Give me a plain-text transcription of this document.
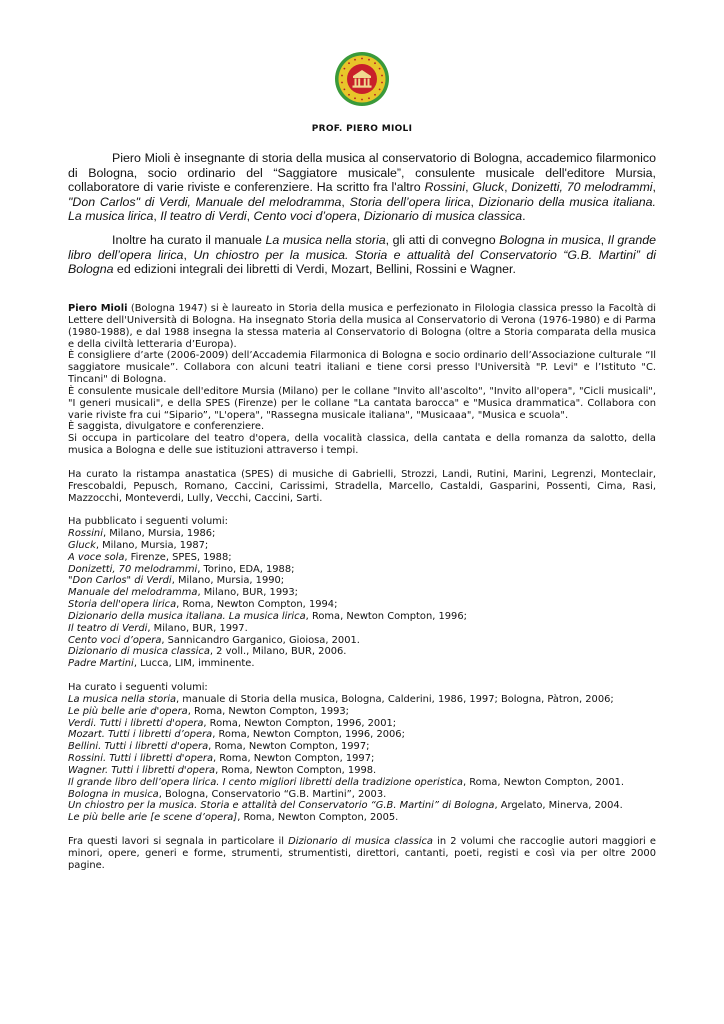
PROF. PIERO MIOLI

Piero Mioli è insegnante di storia della musica al conservatorio di Bologna, accademico filarmonico di Bologna, socio ordinario del “Saggiatore musicale”, consulente musicale dell'editore Mursia, collaboratore di varie riviste e conferenziere. Ha scritto fra l'altro Rossini, Gluck, Donizetti, 70 melodrammi, "Don Carlos" di Verdi, Manuale del melodramma, Storia dell’opera lirica, Dizionario della musica italiana. La musica lirica, Il teatro di Verdi, Cento voci d’opera, Dizionario di musica classica.

Inoltre ha curato il manuale La musica nella storia, gli atti di convegno Bologna in musica, Il grande libro dell’opera lirica, Un chiostro per la musica. Storia e attualità del Conservatorio “G.B. Martini” di Bologna ed edizioni integrali dei libretti di Verdi, Mozart, Bellini, Rossini e Wagner.

Piero Mioli (Bologna 1947) si è laureato in Storia della musica e perfezionato in Filologia classica presso la Facoltà di Lettere dell'Università di Bologna. Ha insegnato Storia della musica al Conservatorio di Verona (1976-1980) e di Parma (1980-1988), e dal 1988 insegna la stessa materia al Conservatorio di Bologna (oltre a Storia comparata della musica e della civiltà letteraria d’Europa).

È consigliere d’arte (2006-2009) dell’Accademia Filarmonica di Bologna e socio ordinario dell’Associazione culturale “Il saggiatore musicale”. Collabora con alcuni teatri italiani e tiene corsi presso l'Università "P. Levi" e l’Istituto "C. Tincani" di Bologna.

È consulente musicale dell'editore Mursia (Milano) per le collane "Invito all'ascolto", "Invito all'opera", "Cicli musicali", "I generi musicali", e della SPES (Firenze) per le collane "La cantata barocca" e "Musica drammatica". Collabora con varie riviste fra cui “Sipario”, "L'opera", "Rassegna musicale italiana", "Musicaaa", "Musica e scuola".

È saggista, divulgatore e conferenziere.

Si occupa in particolare del teatro d'opera, della vocalità classica, della cantata e della romanza da salotto, della musica a Bologna e delle sue istituzioni attraverso i tempi.

Ha curato la ristampa anastatica (SPES) di musiche di Gabrielli, Strozzi, Landi, Rutini, Marini, Legrenzi, Monteclair, Frescobaldi, Pepusch, Romano, Caccini, Carissimi, Stradella, Marcello, Castaldi, Gasparini, Possenti, Cima, Rasi, Mazzocchi, Monteverdi, Lully, Vecchi, Caccini, Sarti.

Ha pubblicato i seguenti volumi:

Rossini, Milano, Mursia, 1986;
Gluck, Milano, Mursia, 1987;
A voce sola, Firenze, SPES, 1988;
Donizetti, 70 melodrammi, Torino, EDA, 1988;
"Don Carlos" di Verdi, Milano, Mursia, 1990;
Manuale del melodramma, Milano, BUR, 1993;
Storia dell'opera lirica, Roma, Newton Compton, 1994;
Dizionario della musica italiana. La musica lirica, Roma, Newton Compton, 1996;
Il teatro di Verdi, Milano, BUR, 1997.
Cento voci d’opera, Sannicandro Garganico, Gioiosa, 2001.
Dizionario di musica classica, 2 voll., Milano, BUR, 2006.
Padre Martini, Lucca, LIM, imminente.

Ha curato i seguenti volumi:

La musica nella storia, manuale di Storia della musica, Bologna, Calderini, 1986, 1997; Bologna, Pàtron, 2006;
Le più belle arie d'opera, Roma, Newton Compton, 1993;
Verdi. Tutti i libretti d'opera, Roma, Newton Compton, 1996, 2001;
Mozart. Tutti i libretti d’opera, Roma, Newton Compton, 1996, 2006;
Bellini. Tutti i libretti d'opera, Roma, Newton Compton, 1997;
Rossini. Tutti i libretti d'opera, Roma, Newton Compton, 1997;
Wagner. Tutti i libretti d'opera, Roma, Newton Compton, 1998.
Il grande libro dell’opera lirica. I cento migliori libretti della tradizione operistica, Roma, Newton Compton, 2001.
Bologna in musica, Bologna, Conservatorio “G.B. Martini”, 2003.
Un chiostro per la musica. Storia e attalità del Conservatorio “G.B. Martini” di Bologna, Argelato, Minerva, 2004.
Le più belle arie [e scene d’opera], Roma, Newton Compton, 2005.

Fra questi lavori si segnala in particolare il Dizionario di musica classica in 2 volumi che raccoglie autori maggiori e minori, opere, generi e forme, strumenti, strumentisti, direttori, cantanti, poeti, registi e così via per oltre 2000 pagine.
